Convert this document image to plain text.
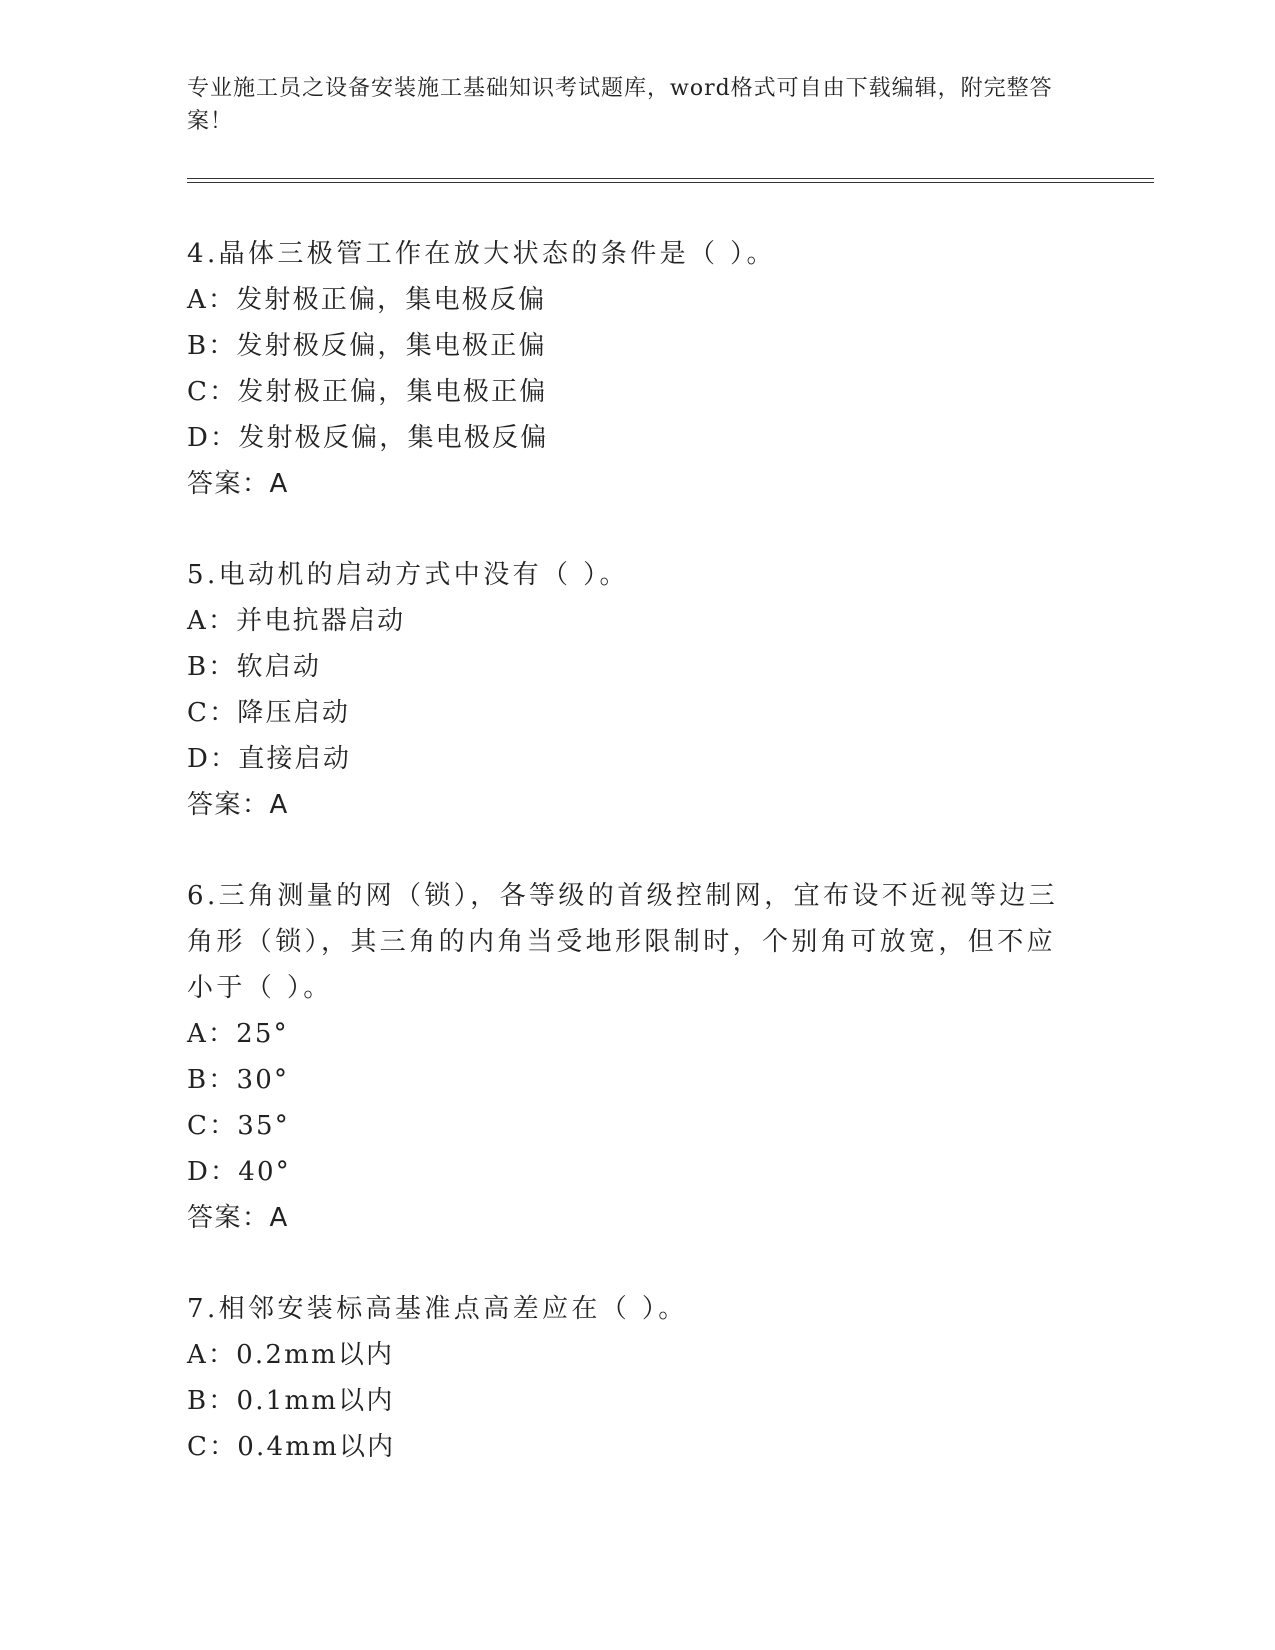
专业施工员之设备安装施工基础知识考试题库，word格式可自由下载编辑，附完整答案！
4.晶体三极管工作在放大状态的条件是（ ）。
A：发射极正偏，集电极反偏
B：发射极反偏，集电极正偏
C：发射极正偏，集电极正偏
D：发射极反偏，集电极反偏
答案：A
5.电动机的启动方式中没有（ ）。
A：并电抗器启动
B：软启动
C：降压启动
D：直接启动
答案：A
6.三角测量的网（锁），各等级的首级控制网，宜布设不近视等边三角形（锁），其三角的内角当受地形限制时，个别角可放宽，但不应小于（ ）。
A：25°
B：30°
C：35°
D：40°
答案：A
7.相邻安装标高基准点高差应在（ ）。
A：0.2mm以内
B：0.1mm以内
C：0.4mm以内
